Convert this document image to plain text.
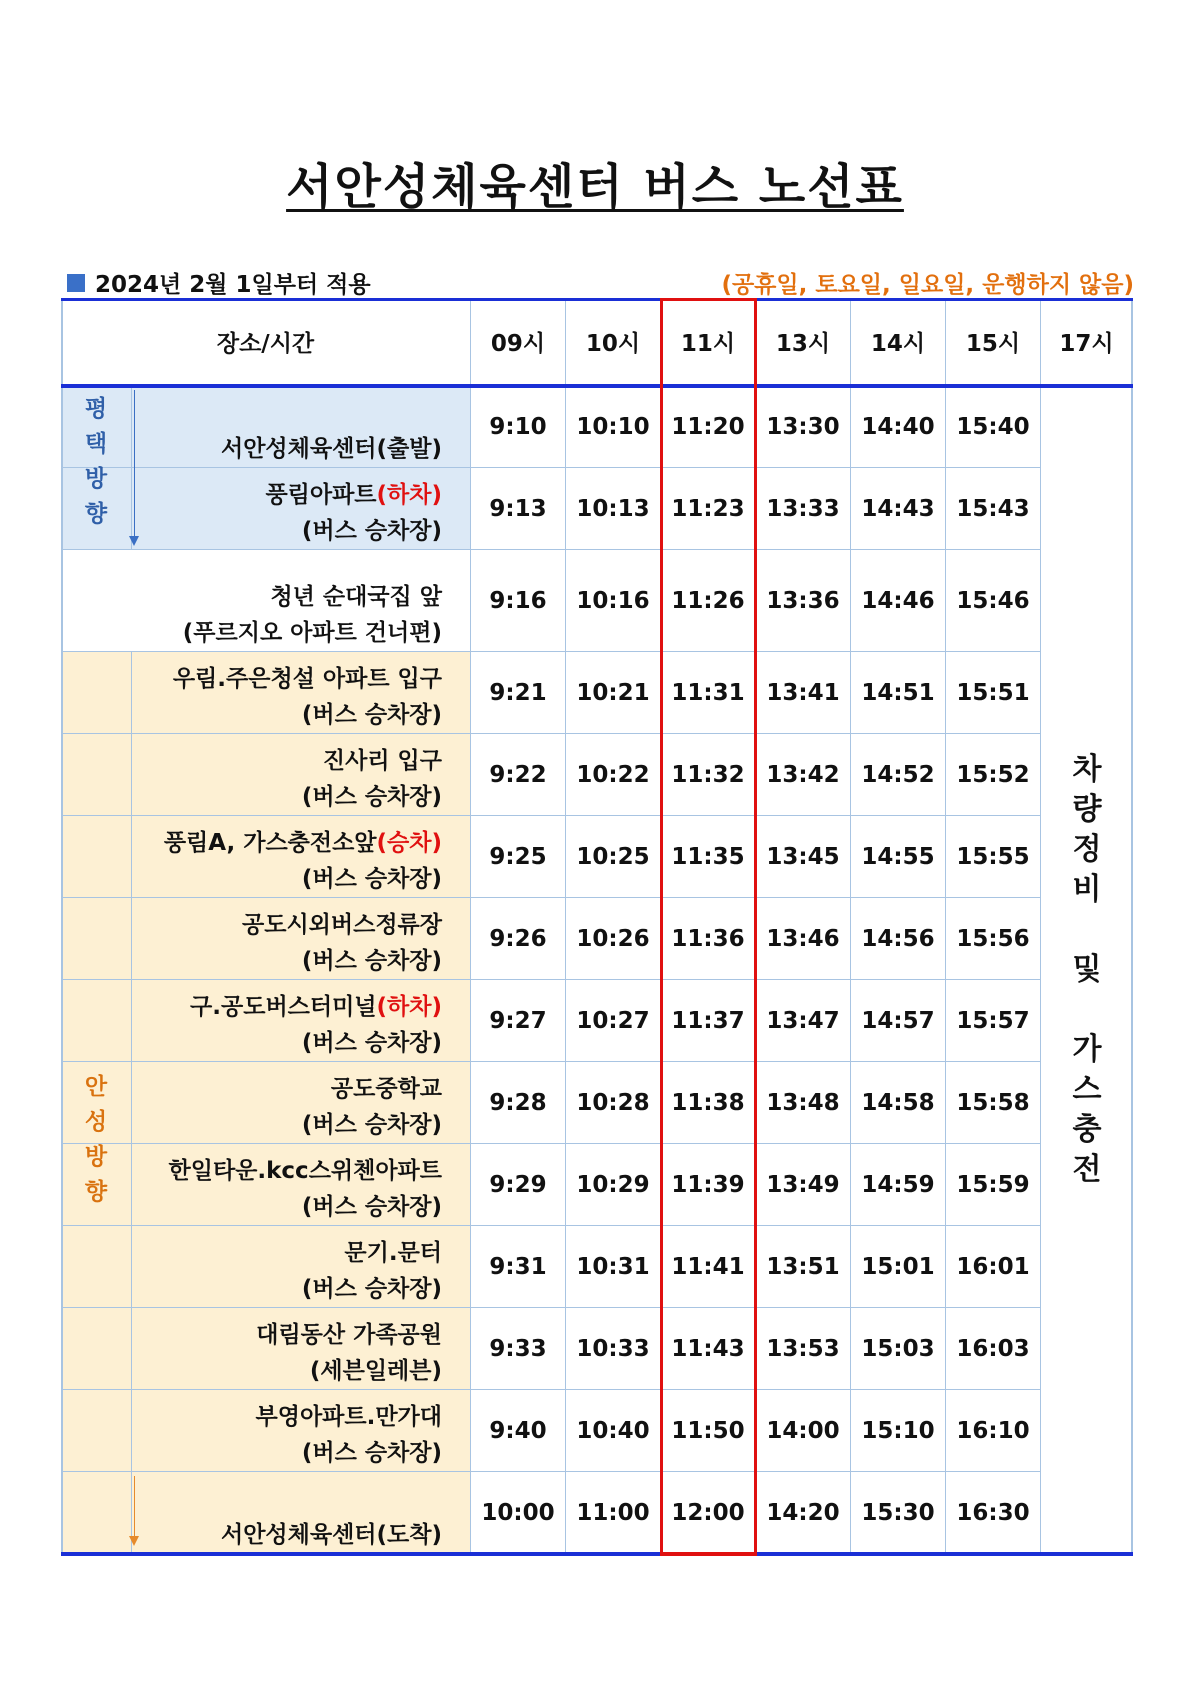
서안성체육센터 버스 노선표
2024년 2월 1일부터 적용	(공휴일, 토요일, 일요일, 운행하지 않음)
장소/시간	09시	10시	11시	13시	14시	15시	17시
서안성체육센터(출발)
9:10	10:10 11:20 13:30 14:40 15:40
풍림아파트(하차)
(버스 승차장)
9:13	10:13 11:23 13:33 14:43 15:43
청년 순대국집 앞
(푸르지오 아파트 건너편)
9:16	10:16 11:26 13:36 14:46 15:46
우림.주은청설 아파트 입구
(버스 승차장)
9:21	10:21 11:31 13:41 14:51 15:51
진사리 입구
(버스 승차장)
9:22	10:22 11:32 13:42 14:52 15:52
풍림A, 가스충전소앞(승차)
(버스 승차장)
9:25	10:25 11:35 13:45 14:55 15:55
공도시외버스정류장
(버스 승차장)
9:26	10:26 11:36 13:46 14:56 15:56
구.공도버스터미널(하차)
(버스 승차장)
9:27	10:27 11:37 13:47 14:57 15:57
공도중학교
(버스 승차장)
9:28	10:28 11:38 13:48 14:58 15:58
한일타운.kcc스위첸아파트
(버스 승차장)
9:29	10:29 11:39 13:49 14:59 15:59
문기.문터
(버스 승차장)
9:31	10:31 11:41 13:51 15:01 16:01
대림동산 가족공원
(세븐일레븐)
9:33	10:33 11:43 13:53 15:03 16:03
부영아파트.만가대
(버스 승차장)
9:40	10:40 11:50 14:00 15:10 16:10
서안성체육센터(도착)
10:00 11:00 12:00 14:20 15:30 16:30
차
량
정
비

및

가
스
충
전
평
택
방
향
안
성
방
향
